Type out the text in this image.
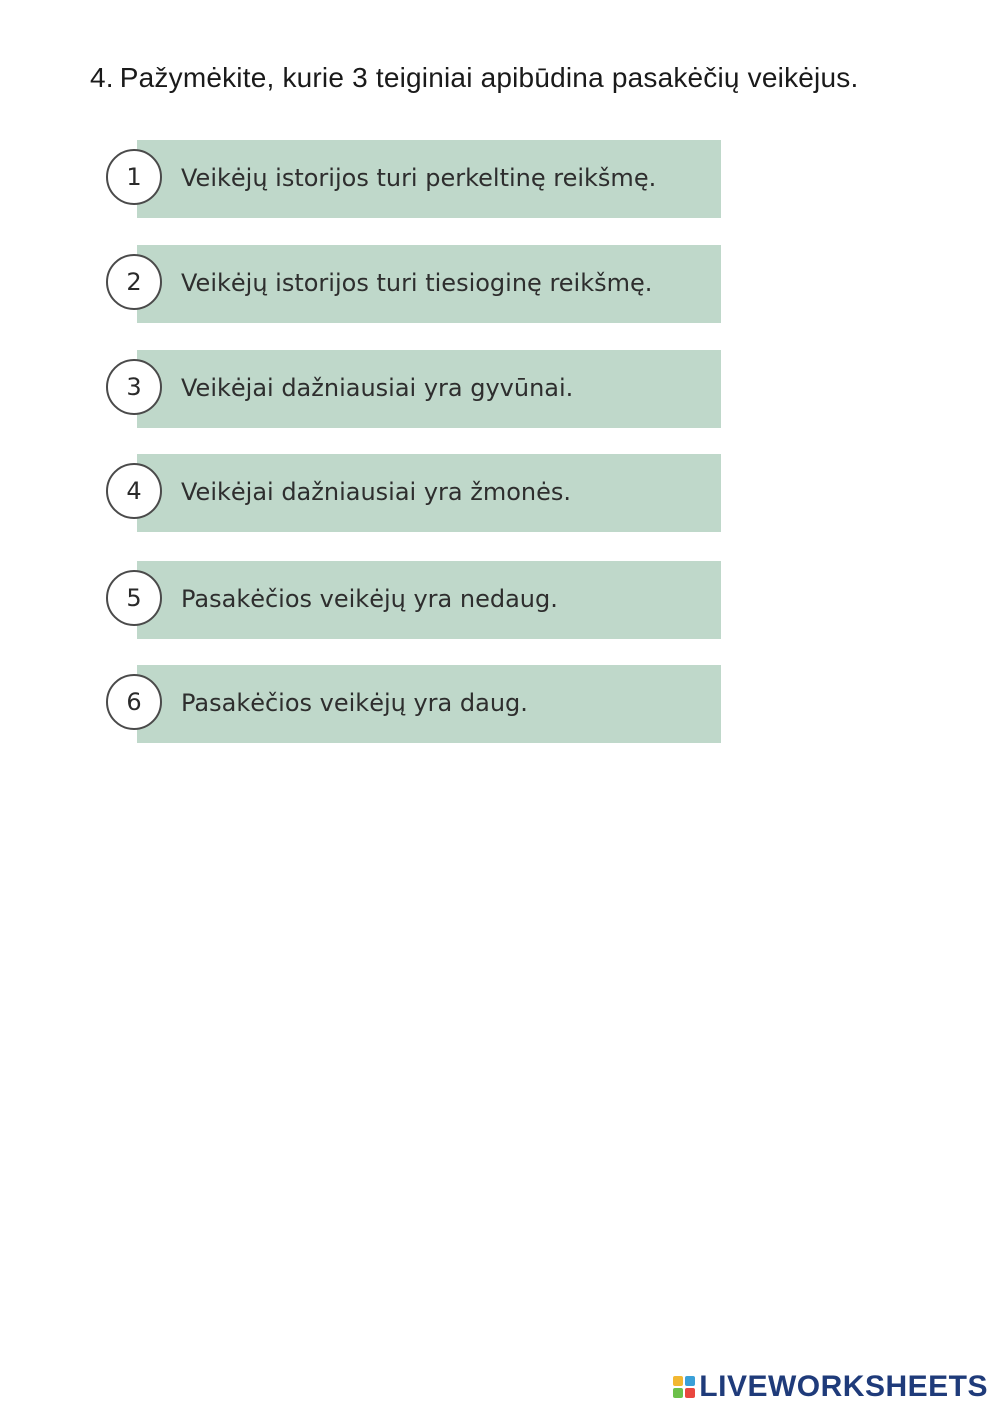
4. Pažymėkite, kurie 3 teiginiai apibūdina pasakėčių veikėjus.
1	Veikėjų istorijos turi perkeltinę reikšmę.
2	Veikėjų istorijos turi tiesioginę reikšmę.
3	Veikėjai dažniausiai yra gyvūnai.
4	Veikėjai dažniausiai yra žmonės.
5	Pasakėčios veikėjų yra nedaug.
6	Pasakėčios veikėjų yra daug.
LIVEWORKSHEETS
